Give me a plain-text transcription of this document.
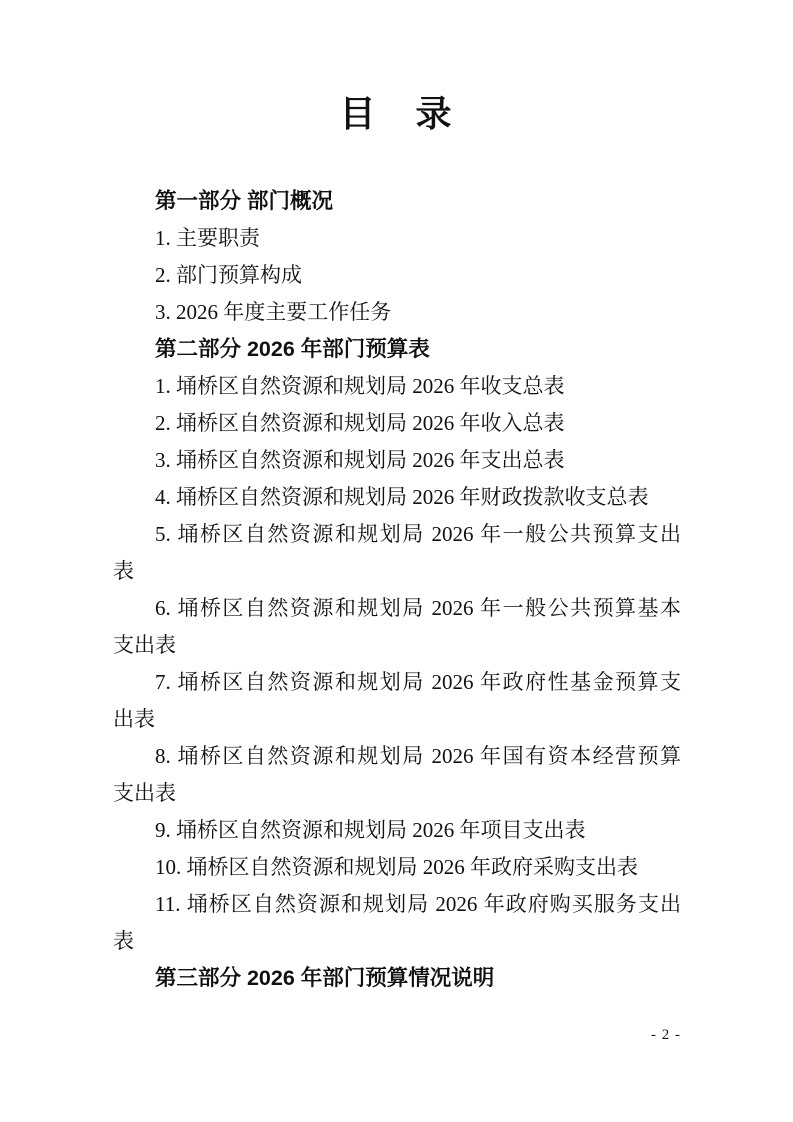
目　录
第一部分 部门概况
1. 主要职责
2. 部门预算构成
3. 2026 年度主要工作任务
第二部分 2026 年部门预算表
1. 埇桥区自然资源和规划局 2026 年收支总表
2. 埇桥区自然资源和规划局 2026 年收入总表
3. 埇桥区自然资源和规划局 2026 年支出总表
4. 埇桥区自然资源和规划局 2026 年财政拨款收支总表
5. 埇桥区自然资源和规划局 2026 年一般公共预算支出
表
6. 埇桥区自然资源和规划局 2026 年一般公共预算基本
支出表
7. 埇桥区自然资源和规划局 2026 年政府性基金预算支
出表
8. 埇桥区自然资源和规划局 2026 年国有资本经营预算
支出表
9. 埇桥区自然资源和规划局 2026 年项目支出表
10. 埇桥区自然资源和规划局 2026 年政府采购支出表
11. 埇桥区自然资源和规划局 2026 年政府购买服务支出
表
第三部分 2026 年部门预算情况说明
- 2 -
